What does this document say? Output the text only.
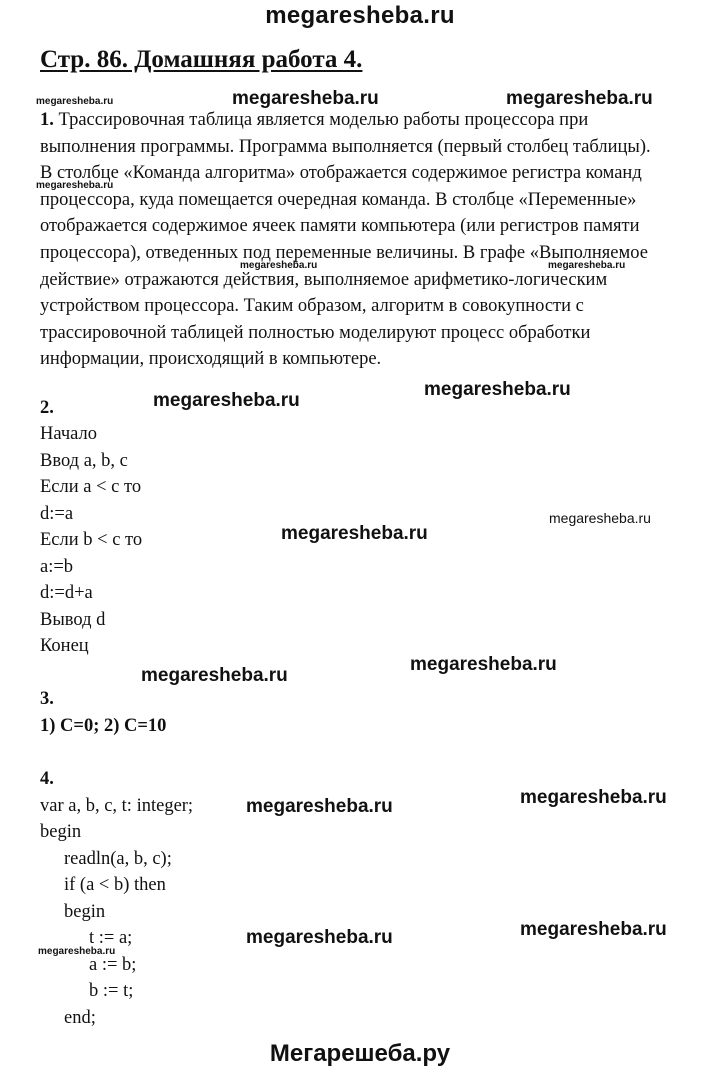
megaresheba.ru
Стр. 86. Домашняя работа 4.
1. Трассировочная таблица является моделью работы процессора при
выполнения программы. Программа выполняется (первый столбец таблицы).
В столбце «Команда алгоритма» отображается содержимое регистра команд
процессора, куда помещается очередная команда. В столбце «Переменные»
отображается содержимое ячеек памяти компьютера (или регистров памяти
процессора), отведенных под переменные величины. В графе «Выполняемое
действие» отражаются действия, выполняемое арифметико-логическим
устройством процессора. Таким образом, алгоритм в совокупности с
трассировочной таблицей полностью моделируют процесс обработки
информации, происходящий в компьютере.
2.
Начало
Ввод a, b, c
Если a < c то
d:=a
Если b < c то
a:=b
d:=d+a
Вывод d
Конец
3.
1) C=0; 2) C=10
4.
var a, b, c, t: integer;
begin
readln(a, b, c);
if (a < b) then
begin
t := a;
a := b;
b := t;
end;
megaresheba.ru	megaresheba.ru	megaresheba.ru
megaresheba.ru
megaresheba.ru	megaresheba.ru
megaresheba.ru
megaresheba.ru
megaresheba.ru
megaresheba.ru
megaresheba.ru
megaresheba.ru
megaresheba.ru
megaresheba.ru
megaresheba.ru
megaresheba.ru
megaresheba.ru
Мегарешеба.ру
